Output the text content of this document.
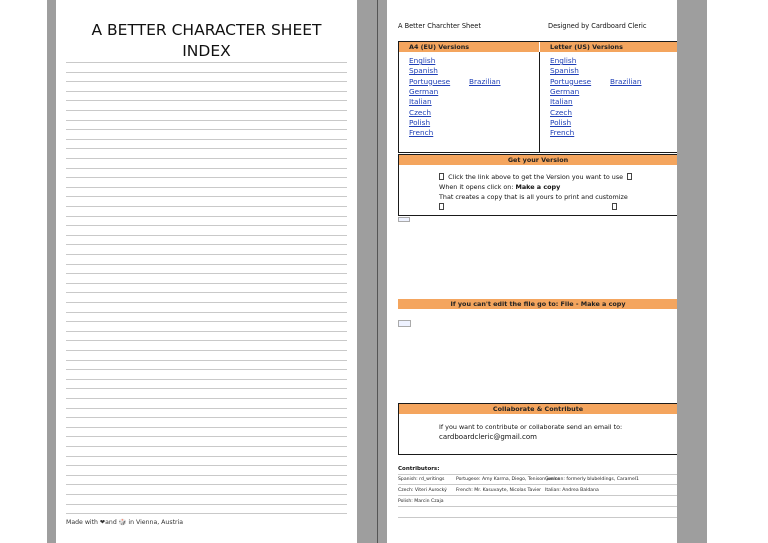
A BETTER CHARACTER SHEET
INDEX
Made with ❤and 🎲 in Vienna, Austria
A Better Charchter Sheet	Designed by Cardboard Cleric
A4 (EU) Versions
English
Spanish
Portuguese
German
Italian
Czech
Polish
French
Brazilian
Letter (US) Versions
English
Spanish
Portuguese
German
Italian
Czech
Polish
French
Brazilian
Get your Version
Click the link above to get the Version you want to use
When it opens click on: Make a copy
That creates a copy that is all yours to print and customize

If you can't edit the file go to: File - Make a copy
Collaborate & Contribute
If you want to contribute or collaborate send an email to:
cardboardcleric@gmail.com
Contributors:
Spanish: rd_writings	Portugese: Amy Karma, Diego, Tenison junior
German: formerly blubeldings, Caramel1
Czech: Viteri Aurocký French: Mr. Kasuvayte, Nicolas Tavier Italian: Andrea Baldana
Polish: Marcin Czaja
